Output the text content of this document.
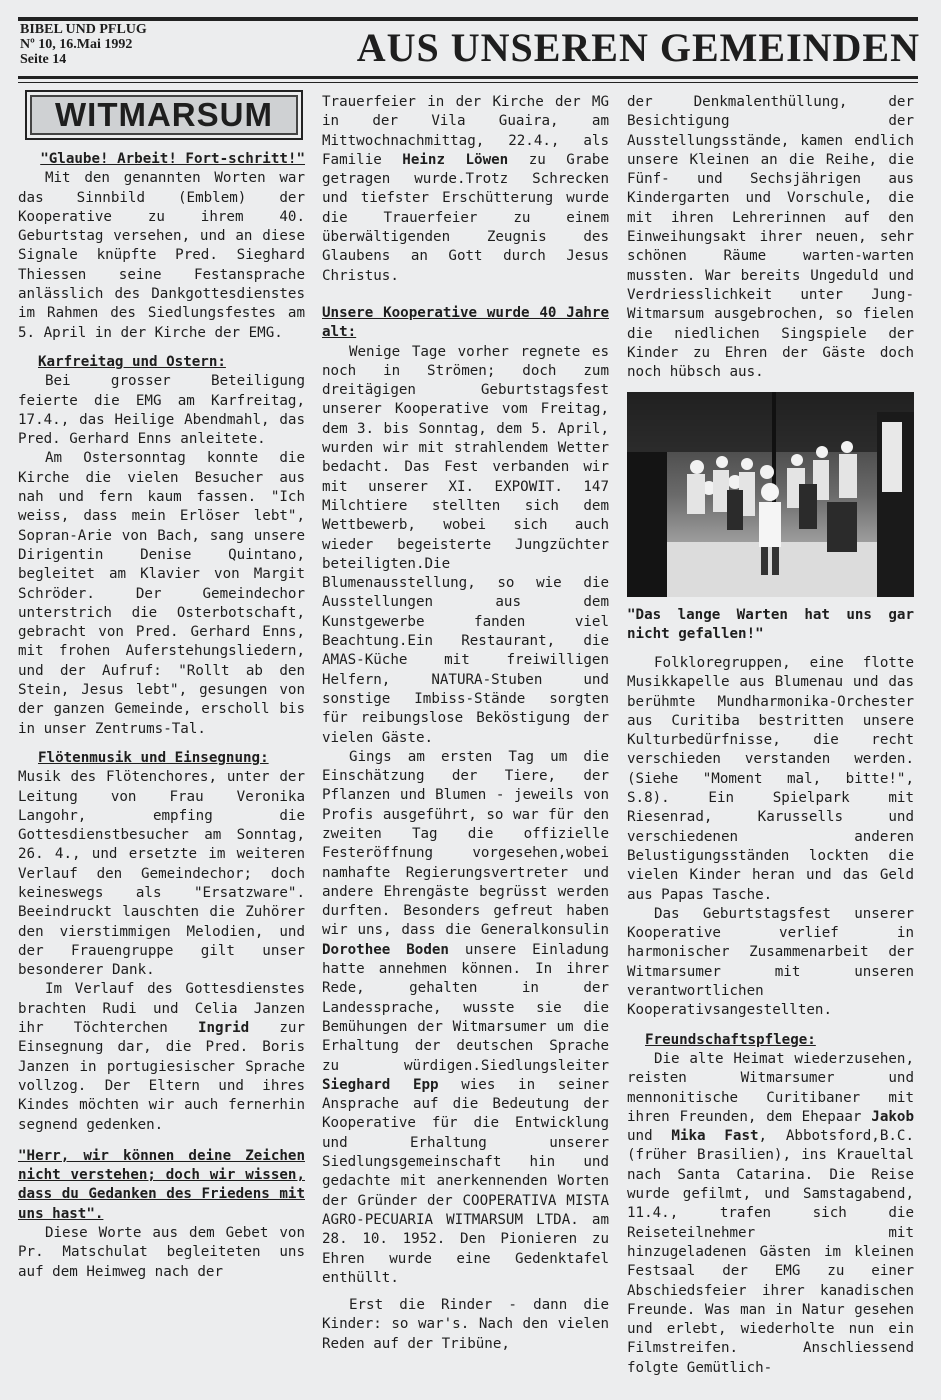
BIBEL UND PFLUG
Nº 10, 16.Mai 1992
Seite 14	AUS UNSEREN GEMEINDEN
WITMARSUM
"Glaube! Arbeit! Fort-schritt!"

Mit den genannten Worten war das Sinnbild (Emblem) der Kooperative zu ihrem 40. Geburtstag versehen, und an diese Signale knüpfte Pred. Sieghard Thiessen seine Festansprache anlässlich des Dankgottesdienstes im Rahmen des Siedlungsfestes am 5. April in der Kirche der EMG.

Karfreitag und Ostern:

Bei grosser Beteiligung feierte die EMG am Karfreitag, 17.4., das Heilige Abendmahl, das Pred. Gerhard Enns anleitete.

Am Ostersonntag konnte die Kirche die vielen Besucher aus nah und fern kaum fassen. "Ich weiss, dass mein Erlöser lebt", Sopran-Arie von Bach, sang unsere Dirigentin Denise Quintano, begleitet am Klavier von Margit Schröder. Der Gemeindechor unterstrich die Osterbotschaft, gebracht von Pred. Gerhard Enns, mit frohen Auferstehungsliedern, und der Aufruf: "Rollt ab den Stein, Jesus lebt", gesungen von der ganzen Gemeinde, erscholl bis in unser Zentrums-Tal.

Flötenmusik und Einsegnung:

Musik des Flötenchores, unter der Leitung von Frau Veronika Langohr, empfing die Gottesdienstbesucher am Sonntag, 26. 4., und ersetzte im weiteren Verlauf den Gemeindechor; doch keineswegs als "Ersatzware". Beeindruckt lauschten die Zuhörer den vierstimmigen Melodien, und der Frauengruppe gilt unser besonderer Dank.

Im Verlauf des Gottesdienstes brachten Rudi und Celia Janzen ihr Töchterchen Ingrid zur Einsegnung dar, die Pred. Boris Janzen in portugiesischer Sprache vollzog. Der Eltern und ihres Kindes möchten wir auch fernerhin segnend gedenken.

"Herr, wir können deine Zeichen nicht verstehen; doch wir wissen, dass du Gedanken des Friedens mit uns hast".

Diese Worte aus dem Gebet von Pr. Matschulat begleiteten uns auf dem Heimweg nach der

Trauerfeier in der Kirche der MG in der Vila Guaira, am Mittwochnachmittag, 22.4., als Familie Heinz Löwen zu Grabe getragen wurde.Trotz Schrecken und tiefster Erschütterung wurde die Trauerfeier zu einem überwältigenden Zeugnis des Glaubens an Gott durch Jesus Christus.

Unsere Kooperative wurde 40 Jahre alt:

Wenige Tage vorher regnete es noch in Strömen; doch zum dreitägigen Geburtstagsfest unserer Kooperative vom Freitag, dem 3. bis Sonntag, dem 5. April, wurden wir mit strahlendem Wetter bedacht. Das Fest verbanden wir mit unserer XI. EXPOWIT. 147 Milchtiere stellten sich dem Wettbewerb, wobei sich auch wieder begeisterte Jungzüchter beteiligten.Die Blumenausstellung, so wie die Ausstellungen aus dem Kunstgewerbe fanden viel Beachtung.Ein Restaurant, die AMAS-Küche mit freiwilligen Helfern, NATURA-Stuben und sonstige Imbiss-Stände sorgten für reibungslose Beköstigung der vielen Gäste.

Gings am ersten Tag um die Einschätzung der Tiere, der Pflanzen und Blumen - jeweils von Profis ausgeführt, so war für den zweiten Tag die offizielle Festeröffnung vorgesehen,wobei namhafte Regierungsvertreter und andere Ehrengäste begrüsst werden durften. Besonders gefreut haben wir uns, dass die Generalkonsulin Dorothee Boden unsere Einladung hatte annehmen können. In ihrer Rede, gehalten in der Landessprache, wusste sie die Bemühungen der Witmarsumer um die Erhaltung der deutschen Sprache zu würdigen.Siedlungsleiter Sieghard Epp wies in seiner Ansprache auf die Bedeutung der Kooperative für die Entwicklung und Erhaltung unserer Siedlungsgemeinschaft hin und gedachte mit anerkennenden Worten der Gründer der COOPERATIVA MISTA AGRO-PECUARIA WITMARSUM LTDA. am 28. 10. 1952. Den Pionieren zu Ehren wurde eine Gedenktafel enthüllt.

Erst die Rinder - dann die Kinder: so war's. Nach den vielen Reden auf der Tribüne,

der Denkmalenthüllung, der Besichtigung der Ausstellungsstände, kamen endlich unsere Kleinen an die Reihe, die Fünf- und Sechsjährigen aus Kindergarten und Vorschule, die mit ihren Lehrerinnen auf den Einweihungsakt ihrer neuen, sehr schönen Räume warten-warten mussten. War bereits Ungeduld und Verdriesslichkeit unter Jung-Witmarsum ausgebrochen, so fielen die niedlichen Singspiele der Kinder zu Ehren der Gäste doch noch hübsch aus.

"Das lange Warten hat uns gar nicht gefallen!"

Folkloregruppen, eine flotte Musikkapelle aus Blumenau und das berühmte Mundharmonika-Orchester aus Curitiba bestritten unsere Kulturbedürfnisse, die recht verschieden verstanden werden. (Siehe "Moment mal, bitte!", S.8). Ein Spielpark mit Riesenrad, Karussells und verschiedenen anderen Belustigungsständen lockten die vielen Kinder heran und das Geld aus Papas Tasche.

Das Geburtstagsfest unserer Kooperative verlief in harmonischer Zusammenarbeit der Witmarsumer mit unseren verantwortlichen Kooperativsangestellten.

Freundschaftspflege:

Die alte Heimat wiederzusehen, reisten Witmarsumer und mennonitische Curitibaner mit ihren Freunden, dem Ehepaar Jakob und Mika Fast, Abbotsford,B.C. (früher Brasilien), ins Kraueltal nach Santa Catarina. Die Reise wurde gefilmt, und Samstagabend, 11.4., trafen sich die Reiseteilnehmer mit hinzugeladenen Gästen im kleinen Festsaal der EMG zu einer Abschiedsfeier ihrer kanadischen Freunde. Was man in Natur gesehen und erlebt, wiederholte nun ein Filmstreifen. Anschliessend folgte Gemütlich-
